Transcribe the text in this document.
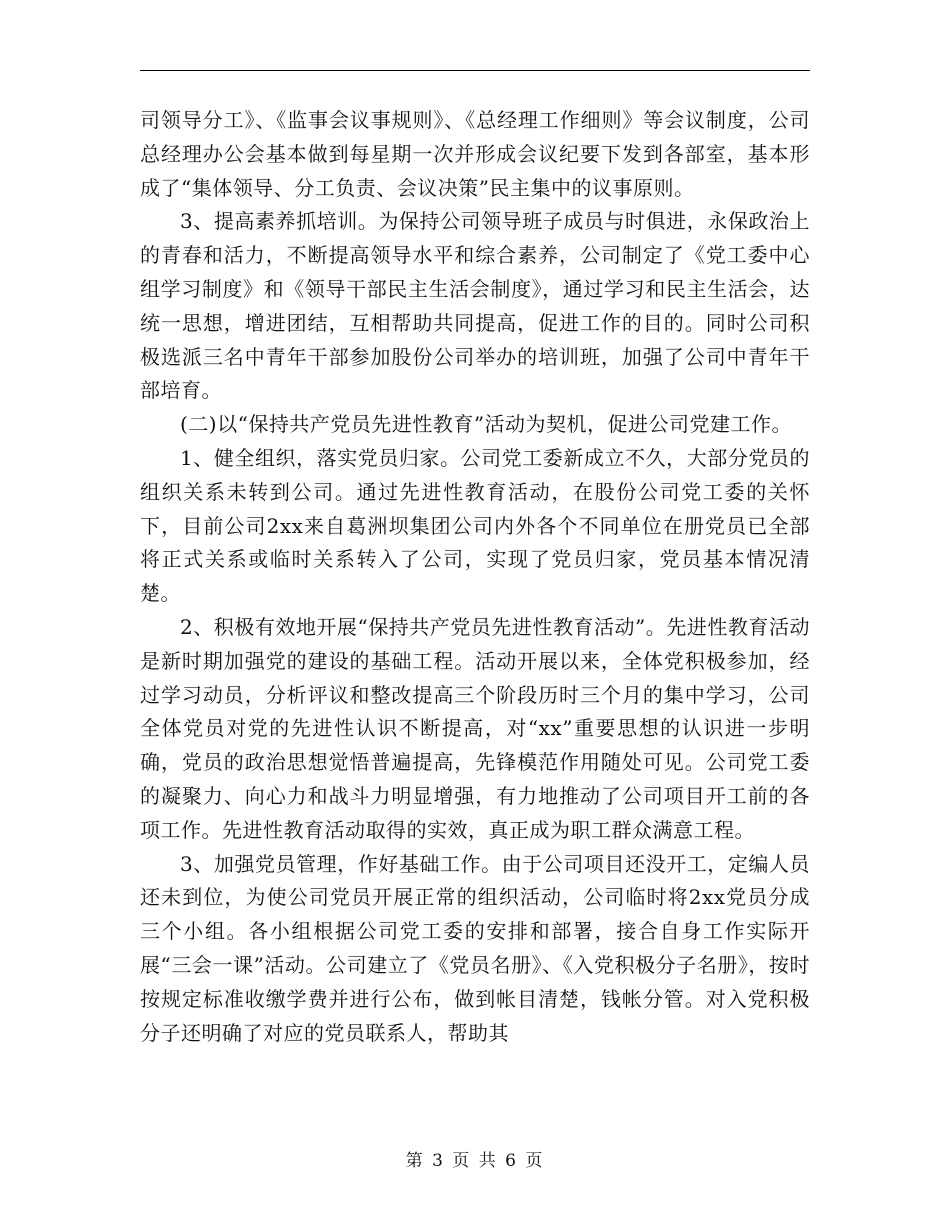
司领导分工》、《监事会议事规则》、《总经理工作细则》等会议制度，公司总经理办公会基本做到每星期一次并形成会议纪要下发到各部室，基本形成了“集体领导、分工负责、会议决策”民主集中的议事原则。

3、提高素养抓培训。为保持公司领导班子成员与时俱进，永保政治上的青春和活力，不断提高领导水平和综合素养，公司制定了《党工委中心组学习制度》和《领导干部民主生活会制度》，通过学习和民主生活会，达统一思想，增进团结，互相帮助共同提高，促进工作的目的。同时公司积极选派三名中青年干部参加股份公司举办的培训班，加强了公司中青年干部培育。

(二)以“保持共产党员先进性教育”活动为契机，促进公司党建工作。

1、健全组织，落实党员归家。公司党工委新成立不久，大部分党员的组织关系未转到公司。通过先进性教育活动，在股份公司党工委的关怀下，目前公司2xx来自葛洲坝集团公司内外各个不同单位在册党员已全部将正式关系或临时关系转入了公司，实现了党员归家，党员基本情况清楚。

2、积极有效地开展“保持共产党员先进性教育活动”。先进性教育活动是新时期加强党的建设的基础工程。活动开展以来，全体党积极参加，经过学习动员，分析评议和整改提高三个阶段历时三个月的集中学习，公司全体党员对党的先进性认识不断提高，对“xx”重要思想的认识进一步明确，党员的政治思想觉悟普遍提高，先锋模范作用随处可见。公司党工委的凝聚力、向心力和战斗力明显增强，有力地推动了公司项目开工前的各项工作。先进性教育活动取得的实效，真正成为职工群众满意工程。

3、加强党员管理，作好基础工作。由于公司项目还没开工，定编人员还未到位，为使公司党员开展正常的组织活动，公司临时将2xx党员分成三个小组。各小组根据公司党工委的安排和部署，接合自身工作实际开展“三会一课”活动。公司建立了《党员名册》、《入党积极分子名册》，按时按规定标准收缴学费并进行公布，做到帐目清楚，钱帐分管。对入党积极分子还明确了对应的党员联系人，帮助其

第 3 页 共 6 页
